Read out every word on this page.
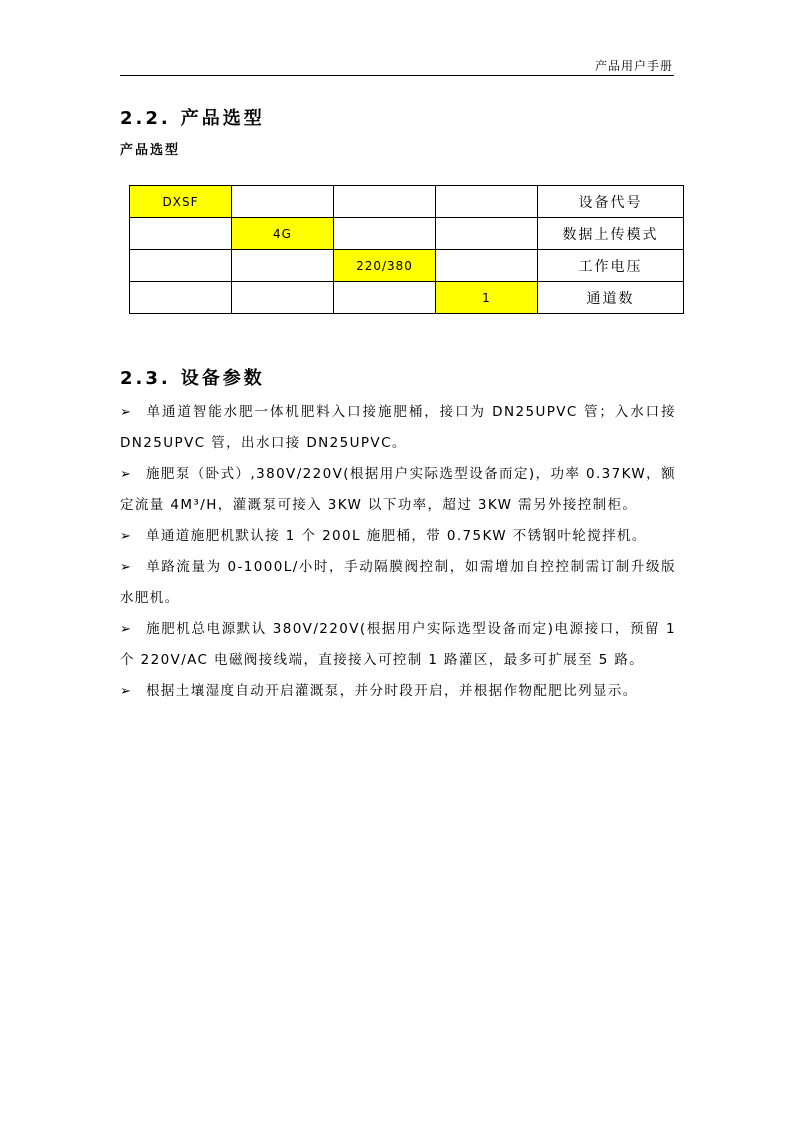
产品用户手册
2.2. 产品选型
产品选型
DXSF				设备代号
	4G			数据上传模式
		220/380		工作电压
			1	通道数
2.3. 设备参数

➢ 单通道智能水肥一体机肥料入口接施肥桶，接口为 DN25UPVC 管；入水口接 DN25UPVC 管，出水口接 DN25UPVC。

➢ 施肥泵（卧式）,380V/220V(根据用户实际选型设备而定)，功率 0.37KW，额定流量 4M³/H，灌溉泵可接入 3KW 以下功率，超过 3KW 需另外接控制柜。

➢ 单通道施肥机默认接 1 个 200L 施肥桶，带 0.75KW 不锈钢叶轮搅拌机。

➢ 单路流量为 0-1000L/小时，手动隔膜阀控制，如需增加自控控制需订制升级版水肥机。

➢ 施肥机总电源默认 380V/220V(根据用户实际选型设备而定)电源接口，预留 1 个 220V/AC 电磁阀接线端，直接接入可控制 1 路灌区，最多可扩展至 5 路。

➢ 根据土壤湿度自动开启灌溉泵，并分时段开启，并根据作物配肥比列显示。
